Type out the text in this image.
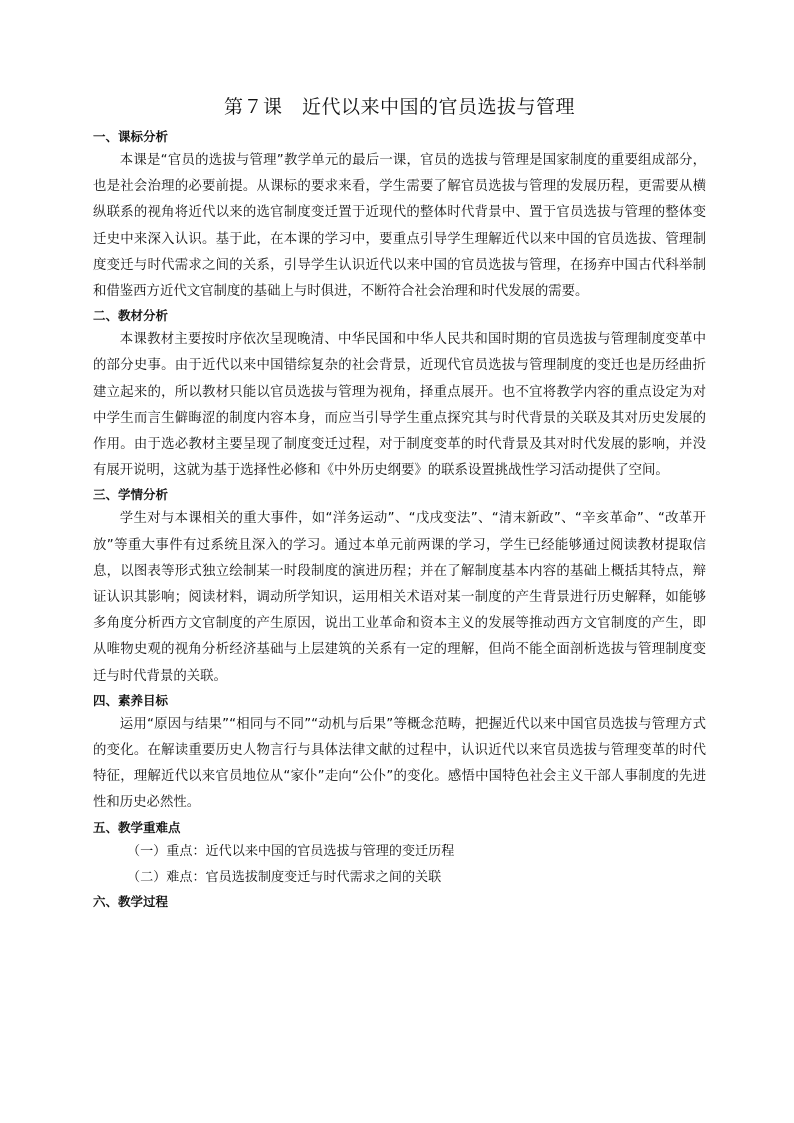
第７课　近代以来中国的官员选拔与管理

一、课标分析

本课是“官员的选拔与管理”教学单元的最后一课，官员的选拔与管理是国家制度的重要组成部分，也是社会治理的必要前提。从课标的要求来看，学生需要了解官员选拔与管理的发展历程，更需要从横纵联系的视角将近代以来的选官制度变迁置于近现代的整体时代背景中、置于官员选拔与管理的整体变迁史中来深入认识。基于此，在本课的学习中，要重点引导学生理解近代以来中国的官员选拔、管理制度变迁与时代需求之间的关系，引导学生认识近代以来中国的官员选拔与管理，在扬弃中国古代科举制和借鉴西方近代文官制度的基础上与时俱进，不断符合社会治理和时代发展的需要。

二、教材分析

本课教材主要按时序依次呈现晚清、中华民国和中华人民共和国时期的官员选拔与管理制度变革中的部分史事。由于近代以来中国错综复杂的社会背景，近现代官员选拔与管理制度的变迁也是历经曲折建立起来的，所以教材只能以官员选拔与管理为视角，择重点展开。也不宜将教学内容的重点设定为对中学生而言生僻晦涩的制度内容本身，而应当引导学生重点探究其与时代背景的关联及其对历史发展的作用。由于选必教材主要呈现了制度变迁过程，对于制度变革的时代背景及其对时代发展的影响，并没有展开说明，这就为基于选择性必修和《中外历史纲要》的联系设置挑战性学习活动提供了空间。

三、学情分析

学生对与本课相关的重大事件，如“洋务运动”、“戊戌变法”、“清末新政”、“辛亥革命”、“改革开放”等重大事件有过系统且深入的学习。通过本单元前两课的学习，学生已经能够通过阅读教材提取信息，以图表等形式独立绘制某一时段制度的演进历程；并在了解制度基本内容的基础上概括其特点，辩证认识其影响；阅读材料，调动所学知识，运用相关术语对某一制度的产生背景进行历史解释，如能够多角度分析西方文官制度的产生原因，说出工业革命和资本主义的发展等推动西方文官制度的产生，即从唯物史观的视角分析经济基础与上层建筑的关系有一定的理解，但尚不能全面剖析选拔与管理制度变迁与时代背景的关联。

四、素养目标

运用“原因与结果”“相同与不同”“动机与后果”等概念范畴，把握近代以来中国官员选拔与管理方式的变化。在解读重要历史人物言行与具体法律文献的过程中，认识近代以来官员选拔与管理变革的时代特征，理解近代以来官员地位从“家仆”走向“公仆”的变化。感悟中国特色社会主义干部人事制度的先进性和历史必然性。

五、教学重难点

（一）重点：近代以来中国的官员选拔与管理的变迁历程

（二）难点：官员选拔制度变迁与时代需求之间的关联

六、教学过程
